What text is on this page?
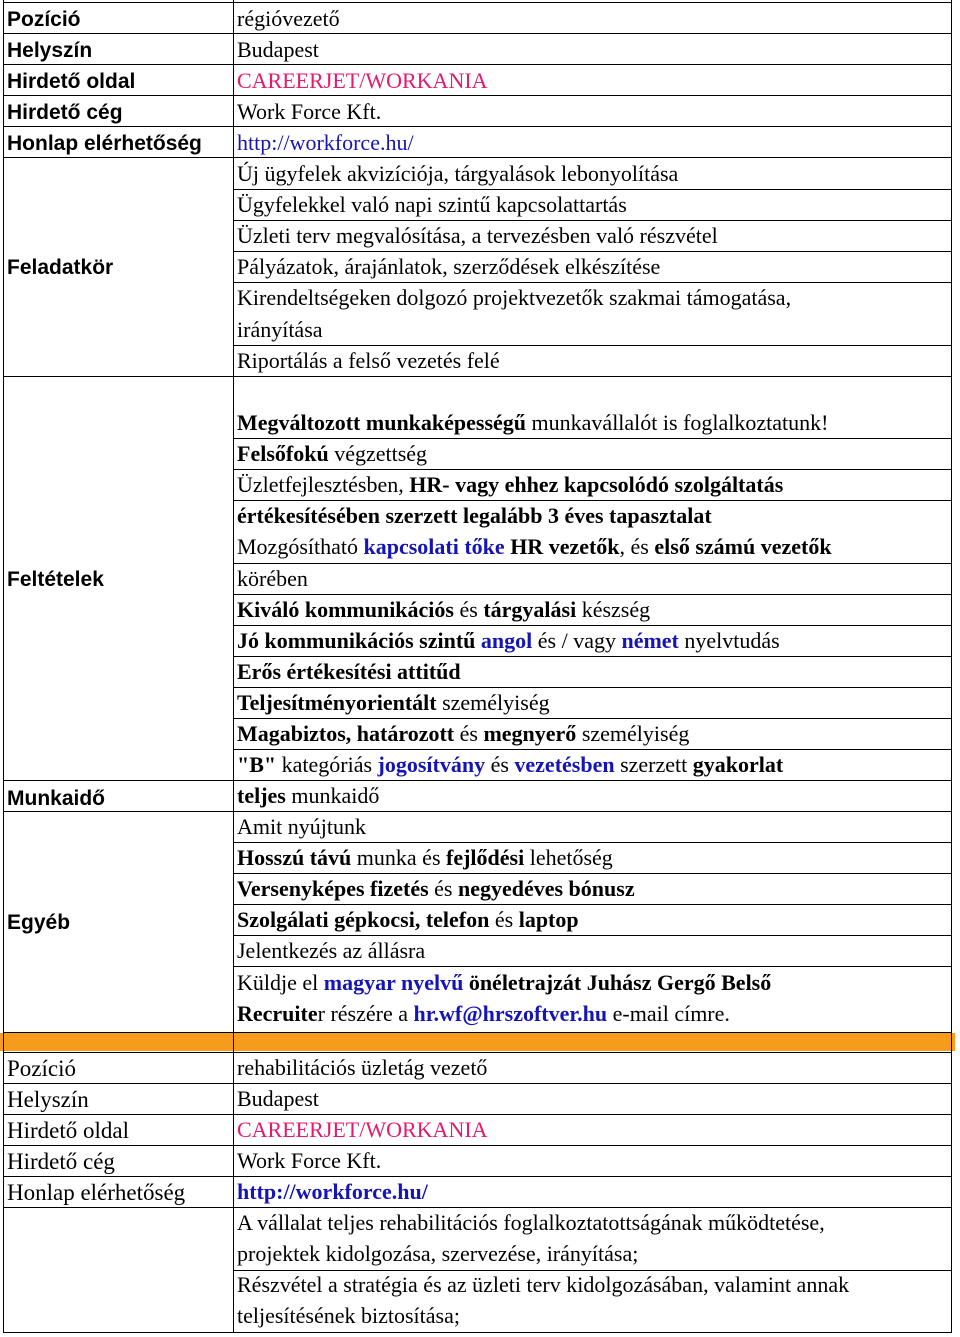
Pozíció
Helyszín
Hirdető oldal
Hirdető cég
Honlap elérhetőség
Feladatkör
Feltételek
Munkaidő
Egyéb
régióvezető
Budapest
CAREERJET/WORKANIA
Work Force Kft.
http://workforce.hu/
Új ügyfelek akvizíciója, tárgyalások lebonyolítása
Ügyfelekkel való napi szintű kapcsolattartás
Üzleti terv megvalósítása, a tervezésben való részvétel
Pályázatok, árajánlatok, szerződések elkészítése
Kirendeltségeken dolgozó projektvezetők szakmai támogatása,
irányítása
Riportálás a felső vezetés felé
Megváltozott munkaképességű munkavállalót is foglalkoztatunk!
Felsőfokú végzettség
Üzletfejlesztésben, HR- vagy ehhez kapcsolódó szolgáltatás
értékesítésében szerzett legalább 3 éves tapasztalat
Mozgósítható kapcsolati tőke HR vezetők, és első számú vezetők
körében
Kiváló kommunikációs és tárgyalási készség
Jó kommunikációs szintű angol és / vagy német nyelvtudás
Erős értékesítési attitűd
Teljesítményorientált személyiség
Magabiztos, határozott és megnyerő személyiség
"B" kategóriás jogosítvány és vezetésben szerzett gyakorlat
teljes munkaidő
Amit nyújtunk
Hosszú távú munka és fejlődési lehetőség
Versenyképes fizetés és negyedéves bónusz
Szolgálati gépkocsi, telefon és laptop
Jelentkezés az állásra
Küldje el magyar nyelvű önéletrajzát Juhász Gergő Belső
Recruiter részére a hr.wf@hrszoftver.hu e-mail címre.
Pozíció
Helyszín
Hirdető oldal
Hirdető cég
Honlap elérhetőség
rehabilitációs üzletág vezető
Budapest
CAREERJET/WORKANIA
Work Force Kft.
http://workforce.hu/
A vállalat teljes rehabilitációs foglalkoztatottságának működtetése,
projektek kidolgozása, szervezése, irányítása;
Részvétel a stratégia és az üzleti terv kidolgozásában, valamint annak
teljesítésének biztosítása;
